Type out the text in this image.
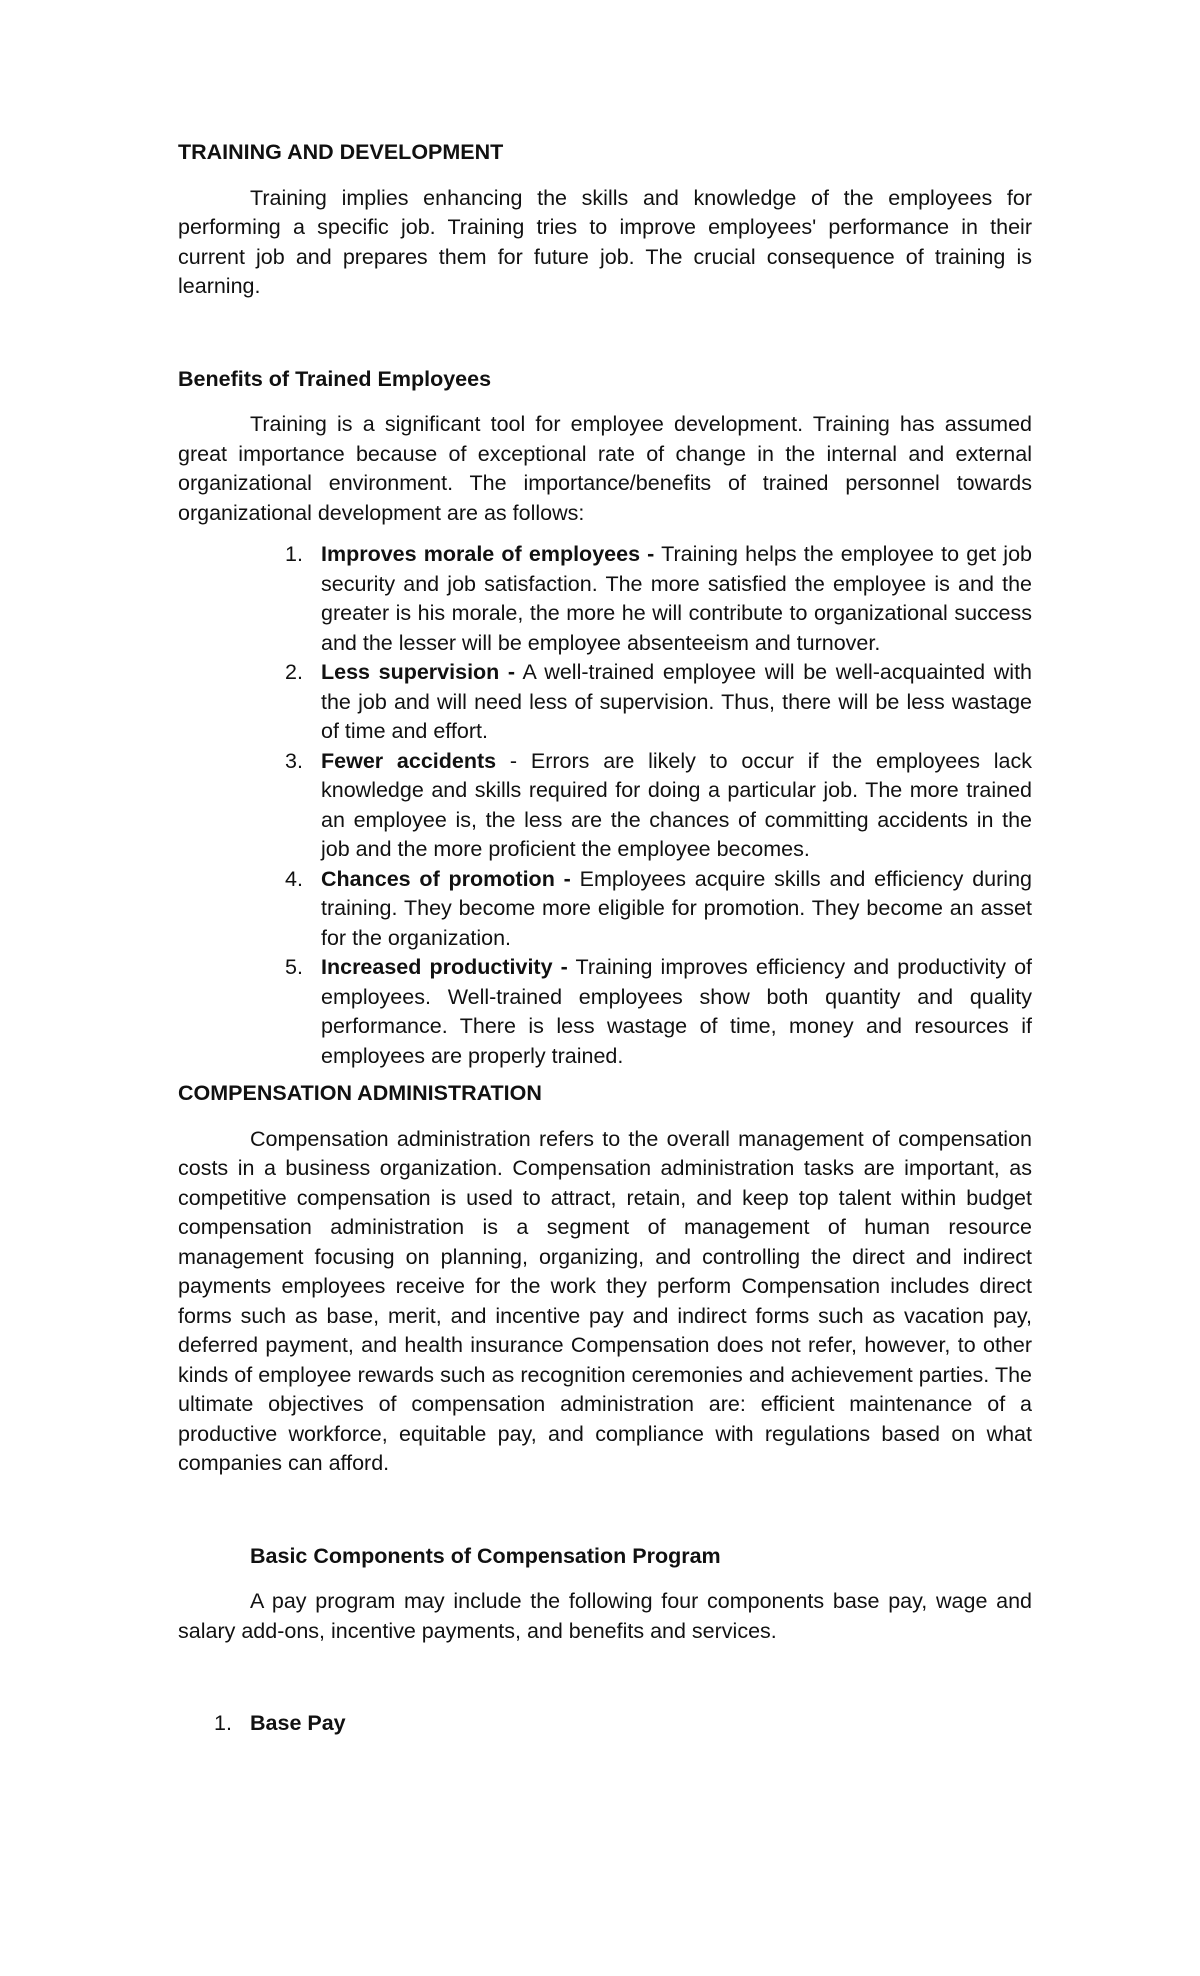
TRAINING AND DEVELOPMENT

Training implies enhancing the skills and knowledge of the employees for performing a specific job. Training tries to improve employees' performance in their current job and prepares them for future job. The crucial consequence of training is learning.

Benefits of Trained Employees

Training is a significant tool for employee development. Training has assumed great importance because of exceptional rate of change in the internal and external organizational environment. The importance/benefits of trained personnel towards organizational development are as follows:

1. Improves morale of employees - Training helps the employee to get job security and job satisfaction. The more satisfied the employee is and the greater is his morale, the more he will contribute to organizational success and the lesser will be employee absenteeism and turnover.
2. Less supervision - A well-trained employee will be well-acquainted with the job and will need less of supervision. Thus, there will be less wastage of time and effort.
3. Fewer accidents - Errors are likely to occur if the employees lack knowledge and skills required for doing a particular job. The more trained an employee is, the less are the chances of committing accidents in the job and the more proficient the employee becomes.
4. Chances of promotion - Employees acquire skills and efficiency during training. They become more eligible for promotion. They become an asset for the organization.
5. Increased productivity - Training improves efficiency and productivity of employees. Well-trained employees show both quantity and quality performance. There is less wastage of time, money and resources if employees are properly trained.
COMPENSATION ADMINISTRATION

Compensation administration refers to the overall management of compensation costs in a business organization. Compensation administration tasks are important, as competitive compensation is used to attract, retain, and keep top talent within budget compensation administration is a segment of management of human resource management focusing on planning, organizing, and controlling the direct and indirect payments employees receive for the work they perform Compensation includes direct forms such as base, merit, and incentive pay and indirect forms such as vacation pay, deferred payment, and health insurance Compensation does not refer, however, to other kinds of employee rewards such as recognition ceremonies and achievement parties. The ultimate objectives of compensation administration are: efficient maintenance of a productive workforce, equitable pay, and compliance with regulations based on what companies can afford.

Basic Components of Compensation Program

A pay program may include the following four components base pay, wage and salary add-ons, incentive payments, and benefits and services.

1. Base Pay
